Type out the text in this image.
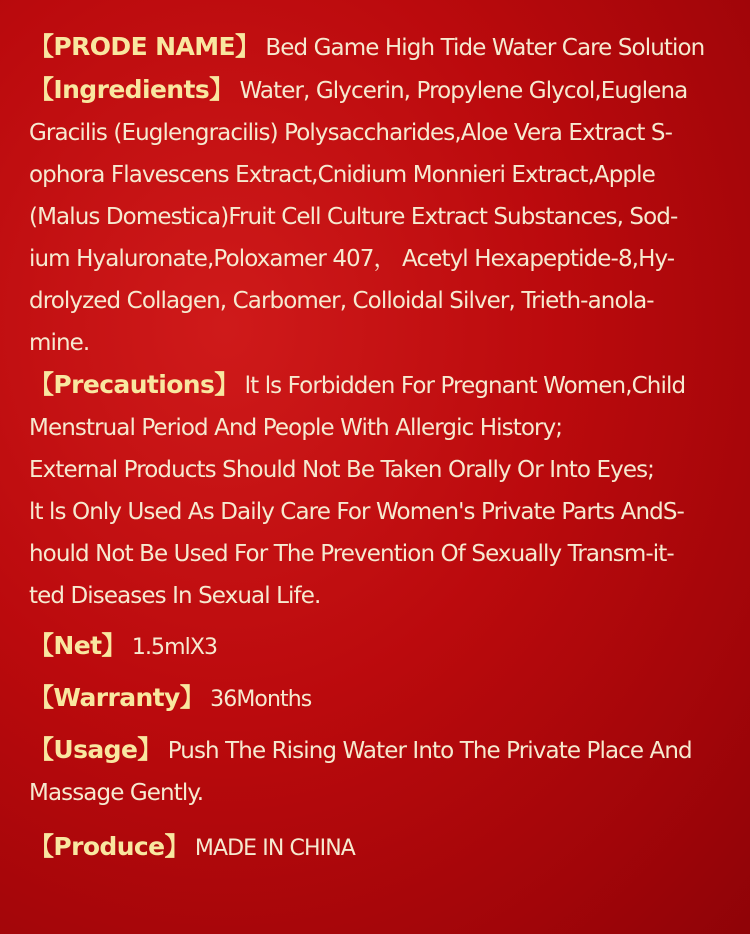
【PRODE NAME】 Bed Game High Tide Water Care Solution
【Ingredients】 Water, Glycerin, Propylene Glycol,Euglena
Gracilis (Euglengracilis) Polysaccharides,Aloe Vera Extract S-
ophora Flavescens Extract,Cnidium Monnieri Extract,Apple
(Malus Domestica)Fruit Cell Culture Extract Substances, Sod-
ium Hyaluronate,Poloxamer 407， Acetyl Hexapeptide-8,Hy-
drolyzed Collagen, Carbomer, Colloidal Silver, Trieth-anola-
mine.
【Precautions】 lt ls Forbidden For Pregnant Women,Child
Menstrual Period And People With Allergic History;
External Products Should Not Be Taken Orally Or Into Eyes;
lt ls Only Used As Daily Care For Women's Private Parts AndS-
hould Not Be Used For The Prevention Of Sexually Transm-it-
ted Diseases In Sexual Life.
【Net】 1.5mlX3
【Warranty】 36Months
【Usage】 Push The Rising Water Into The Private Place And
Massage Gently.
【Produce】 MADE IN CHINA
